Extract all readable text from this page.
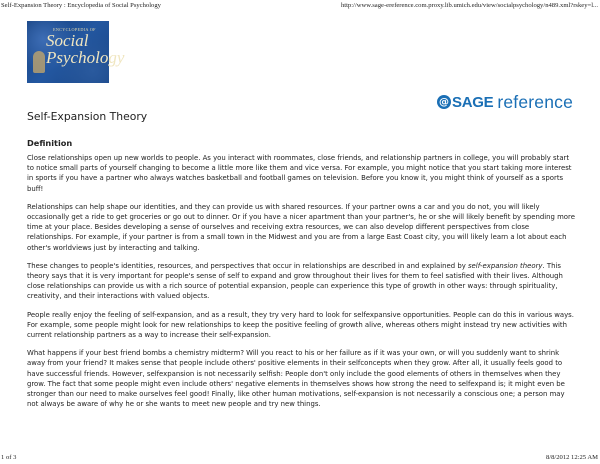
Self-Expansion Theory : Encyclopedia of Social Psychology	http://www.sage-ereference.com.proxy.lib.umich.edu/view/socialpsychology/n489.xml?rskey=l...
ENCYCLOPEDIA OF
Social
Psychology
@ SAGE reference
Self-Expansion Theory
Definition

Close relationships open up new worlds to people. As you interact with roommates, close friends, and relationship partners in college, you will probably start to notice small parts of yourself changing to become a little more like them and vice versa. For example, you might notice that you start taking more interest in sports if you have a partner who always watches basketball and football games on television. Before you know it, you might think of yourself as a sports buff!

Relationships can help shape our identities, and they can provide us with shared resources. If your partner owns a car and you do not, you will likely occasionally get a ride to get groceries or go out to dinner. Or if you have a nicer apartment than your partner's, he or she will likely benefit by spending more time at your place. Besides developing a sense of ourselves and receiving extra resources, we can also develop different perspectives from close relationships. For example, if your partner is from a small town in the Midwest and you are from a large East Coast city, you will likely learn a lot about each other's worldviews just by interacting and talking.

These changes to people's identities, resources, and perspectives that occur in relationships are described in and explained by self-expansion theory. This theory says that it is very important for people's sense of self to expand and grow throughout their lives for them to feel satisfied with their lives. Although close relationships can provide us with a rich source of potential expansion, people can experience this type of growth in other ways: through spirituality, creativity, and their interactions with valued objects.

People really enjoy the feeling of self-expansion, and as a result, they try very hard to look for selfexpansive opportunities. People can do this in various ways. For example, some people might look for new relationships to keep the positive feeling of growth alive, whereas others might instead try new activities with current relationship partners as a way to increase their self-expansion.

What happens if your best friend bombs a chemistry midterm? Will you react to his or her failure as if it was your own, or will you suddenly want to shrink away from your friend? It makes sense that people include others' positive elements in their selfconcepts when they grow. After all, it usually feels good to have successful friends. However, selfexpansion is not necessarily selfish: People don't only include the good elements of others in themselves when they grow. The fact that some people might even include others' negative elements in themselves shows how strong the need to selfexpand is; it might even be stronger than our need to make ourselves feel good! Finally, like other human motivations, self-expansion is not necessarily a conscious one; a person may not always be aware of why he or she wants to meet new people and try new things.

1 of 3	8/8/2012 12:25 AM
